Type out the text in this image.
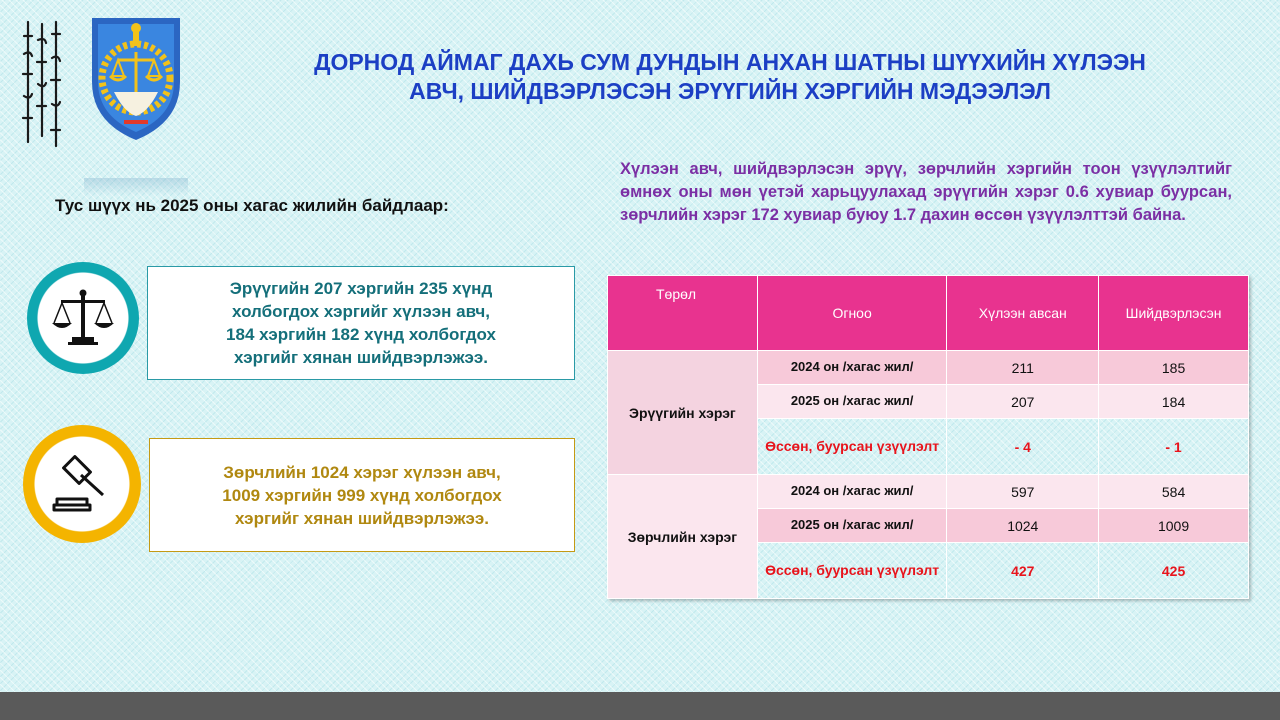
ДОРНОД АЙМАГ ДАХЬ СУМ ДУНДЫН АНХАН ШАТНЫ ШҮҮХИЙН ХҮЛЭЭН
АВЧ, ШИЙДВЭРЛЭСЭН ЭРҮҮГИЙН ХЭРГИЙН МЭДЭЭЛЭЛ
Тус шүүх нь 2025 оны хагас жилийн байдлаар:

Хүлээн авч, шийдвэрлэсэн эрүү, зөрчлийн хэргийн тоон үзүүлэлтийг өмнөх оны мөн үетэй харьцуулахад эрүүгийн хэрэг 0.6 хувиар буурсан, зөрчлийн хэрэг 172 хувиар буюу 1.7 дахин өссөн үзүүлэлттэй байна.

Эрүүгийн 207 хэргийн 235 хүнд
холбогдох хэргийг хүлээн авч,
184 хэргийн 182 хүнд холбогдох
хэргийг хянан шийдвэрлэжээ.
Зөрчлийн 1024 хэрэг хүлээн авч,
1009 хэргийн 999 хүнд холбогдох
хэргийг хянан шийдвэрлэжээ.
Төрөл	Огноо	Хүлээн авсан	Шийдвэрлэсэн
Эрүүгийн хэрэг	2024 он /хагас жил/	211	185
	2025 он /хагас жил/	207	184
	Өссөн, буурсан үзүүлэлт	- 4	- 1
Зөрчлийн хэрэг	2024 он /хагас жил/	597	584
	2025 он /хагас жил/	1024	1009
	Өссөн, буурсан үзүүлэлт	427	425
